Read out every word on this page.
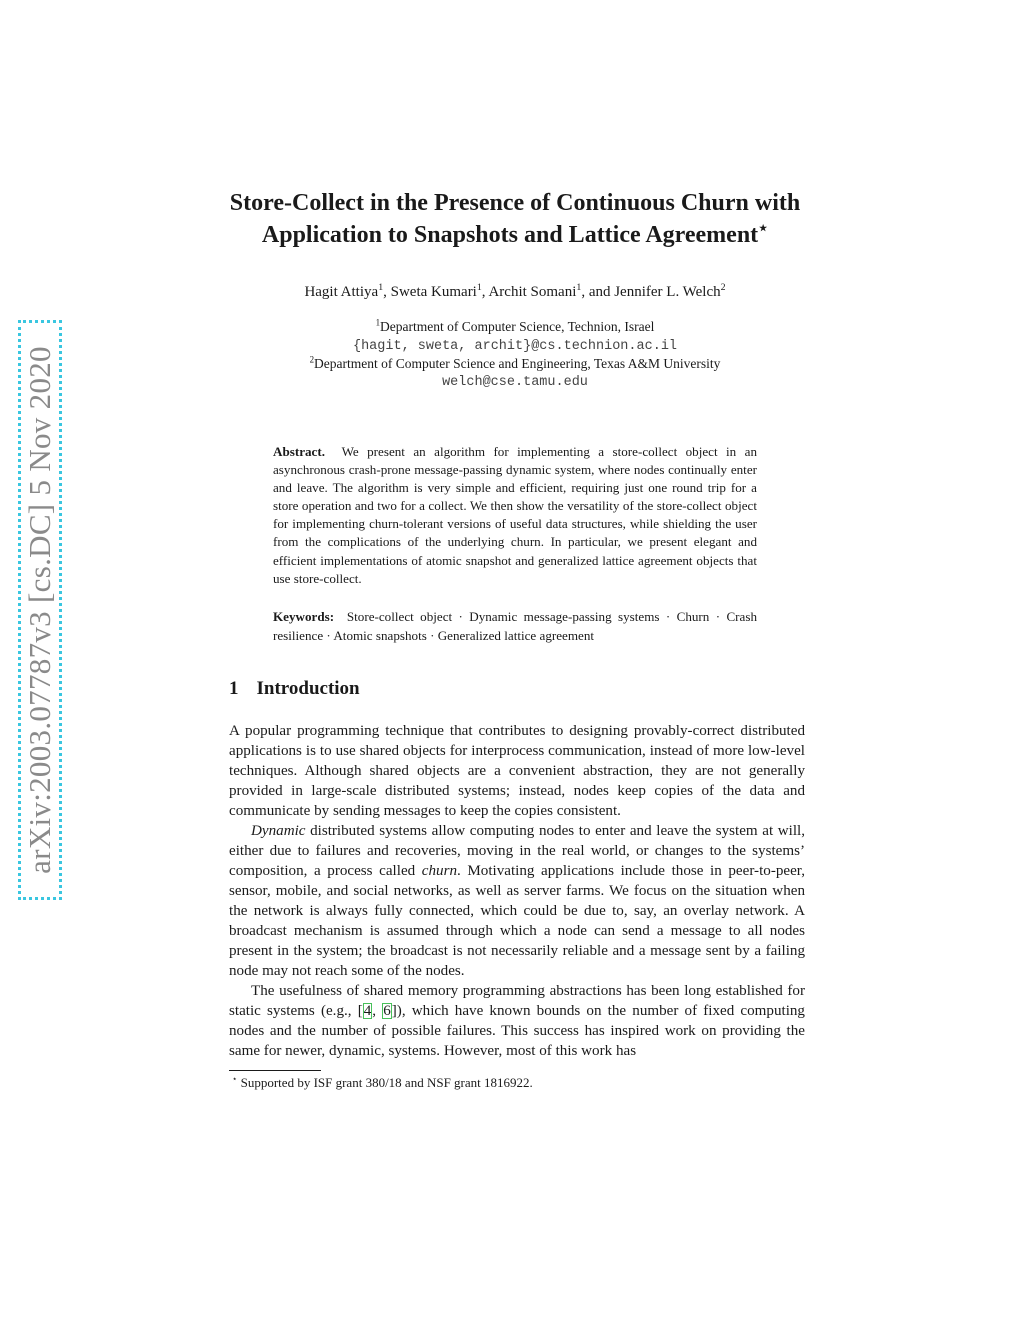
arXiv:2003.07787v3 [cs.DC] 5 Nov 2020
Store-Collect in the Presence of Continuous Churn with
Application to Snapshots and Lattice Agreement⋆
Hagit Attiya$^1$, Sweta Kumari$^1$, Archit Somani$^1$, and Jennifer L. Welch$^2$
$^1$Department of Computer Science, Technion, Israel
{hagit, sweta, archit}@cs.technion.ac.il
$^2$Department of Computer Science and Engineering, Texas A&M University
welch@cse.tamu.edu
Abstract. We present an algorithm for implementing a store-collect object in an asynchronous crash-prone message-passing dynamic system, where nodes continually enter and leave. The algorithm is very simple and efficient, requiring just one round trip for a store operation and two for a collect. We then show the versatility of the store-collect object for implementing churn-tolerant versions of useful data structures, while shielding the user from the complications of the underlying churn. In particular, we present elegant and efficient implementations of atomic snapshot and generalized lattice agreement objects that use store-collect.
Keywords: Store-collect object · Dynamic message-passing systems · Churn · Crash resilience · Atomic snapshots · Generalized lattice agreement
1 Introduction

A popular programming technique that contributes to designing provably-correct distributed applications is to use shared objects for interprocess communication, instead of more low-level techniques. Although shared objects are a convenient abstraction, they are not generally provided in large-scale distributed systems; instead, nodes keep copies of the data and communicate by sending messages to keep the copies consistent.

Dynamic distributed systems allow computing nodes to enter and leave the system at will, either due to failures and recoveries, moving in the real world, or changes to the systems’ composition, a process called churn. Motivating applications include those in peer-to-peer, sensor, mobile, and social networks, as well as server farms. We focus on the situation when the network is always fully connected, which could be due to, say, an overlay network. A broadcast mechanism is assumed through which a node can send a message to all nodes present in the system; the broadcast is not necessarily reliable and a message sent by a failing node may not reach some of the nodes.

The usefulness of shared memory programming abstractions has been long established for static systems (e.g., [4, 6]), which have known bounds on the number of fixed computing nodes and the number of possible failures. This success has inspired work on providing the same for newer, dynamic, systems. However, most of this work has

⋆ Supported by ISF grant 380/18 and NSF grant 1816922.
